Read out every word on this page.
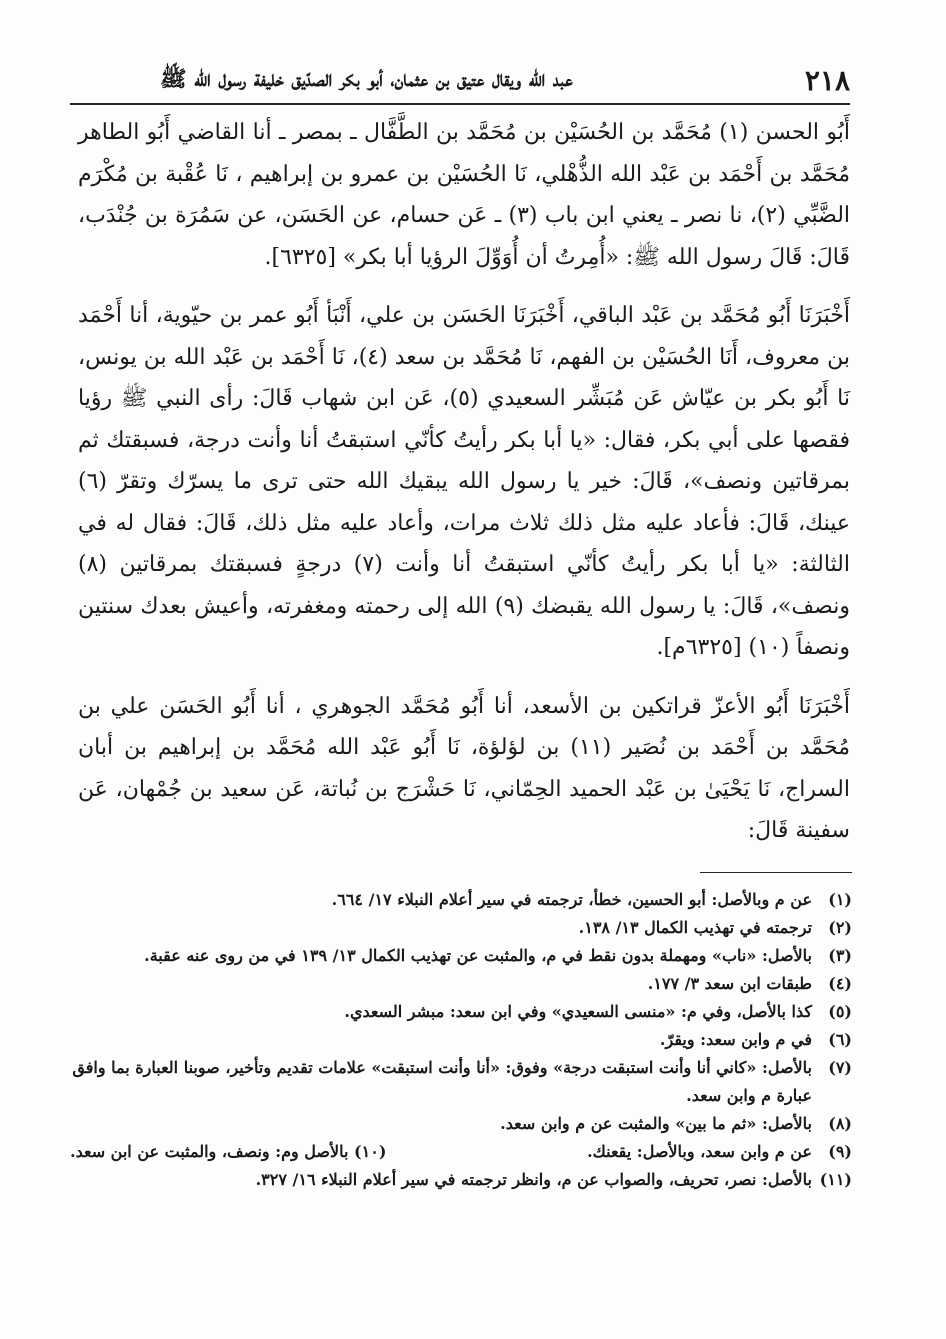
٢١٨
عبد الله ويقال عتيق بن عثمان، أبو بكر الصدّيق خليفة رسول الله ﷺ

أَبُو الحسن (١) مُحَمَّد بن الحُسَيْن بن مُحَمَّد بن الطَّفَّال ـ بمصر ـ أنا القاضي أَبُو الطاهر مُحَمَّد بن أَحْمَد بن عَبْد الله الذُّهْلي، نَا الحُسَيْن بن عمرو بن إبراهيم ، نَا عُقْبة بن مُكْرَم الضَّبِّي (٢)، نا نصر ـ يعني ابن باب (٣) ـ عَن حسام، عن الحَسَن، عن سَمُرَة بن جُنْدَب، قَالَ: قَالَ رسول الله ﷺ: «أُمِرتُ أن أُوَوِّلَ الرؤيا أبا بكر» [٦٣٢٥].

أَخْبَرَنَا أَبُو مُحَمَّد بن عَبْد الباقي، أَخْبَرَنَا الحَسَن بن علي، أَنْبَأ أَبُو عمر بن حيّوية، أنا أَحْمَد بن معروف، أَنَا الحُسَيْن بن الفهم، نَا مُحَمَّد بن سعد (٤)، نَا أَحْمَد بن عَبْد الله بن يونس، نَا أَبُو بكر بن عيّاش عَن مُبَشِّر السعيدي (٥)، عَن ابن شهاب قَالَ: رأى النبي ﷺ رؤيا فقصها على أبي بكر، فقال: «يا أبا بكر رأيتُ كأنّي استبقتُ أنا وأنت درجة، فسبقتك ثم بمرقاتين ونصف»، قَالَ: خير يا رسول الله يبقيك الله حتى ترى ما يسرّك وتقرّ (٦) عينك، قَالَ: فأعاد عليه مثل ذلك ثلاث مرات، وأعاد عليه مثل ذلك، قَالَ: فقال له في الثالثة: «يا أبا بكر رأيتُ كأنّي استبقتُ أنا وأنت (٧) درجةٍ فسبقتك بمرقاتين (٨) ونصف»، قَالَ: يا رسول الله يقبضك (٩) الله إلى رحمته ومغفرته، وأعيش بعدك سنتين ونصفاً (١٠) [٦٣٢٥م].

أَخْبَرَنَا أَبُو الأعزّ قراتكين بن الأسعد، أنا أَبُو مُحَمَّد الجوهري ، أنا أَبُو الحَسَن علي بن مُحَمَّد بن أَحْمَد بن نُصَير (١١) بن لؤلؤة، نَا أَبُو عَبْد الله مُحَمَّد بن إبراهيم بن أبان السراج، نَا يَحْيَىٰ بن عَبْد الحميد الحِمّاني، نَا حَشْرَج بن نُباتة، عَن سعيد بن جُمْهان، عَن سفينة قَالَ:

(١)
عن م وبالأصل: أبو الحسين، خطأ، ترجمته في سير أعلام النبلاء ١٧/ ٦٦٤.
(٢)
ترجمته في تهذيب الكمال ١٣/ ١٣٨.
(٣)
بالأصل: «ناب» ومهملة بدون نقط في م، والمثبت عن تهذيب الكمال ١٣/ ١٣٩ في من روى عنه عقبة.
(٤)
طبقات ابن سعد ٣/ ١٧٧.
(٥)
كذا بالأصل، وفي م: «منسى السعيدي» وفي ابن سعد: مبشر السعدي.
(٦)
في م وابن سعد: ويقرّ.
(٧)
بالأصل: «كاني أنا وأنت استبقت درجة» وفوق: «أنا وأنت استبقت» علامات تقديم وتأخير، صوبنا العبارة بما وافق عبارة م وابن سعد.
(٨)
بالأصل: «ثم ما بين» والمثبت عن م وابن سعد.
(٩)
عن م وابن سعد، وبالأصل: يقعنك.
(١٠) بالأصل وم: ونصف، والمثبت عن ابن سعد.
(١١)
بالأصل: نصر، تحريف، والصواب عن م، وانظر ترجمته في سير أعلام النبلاء ١٦/ ٣٢٧.
